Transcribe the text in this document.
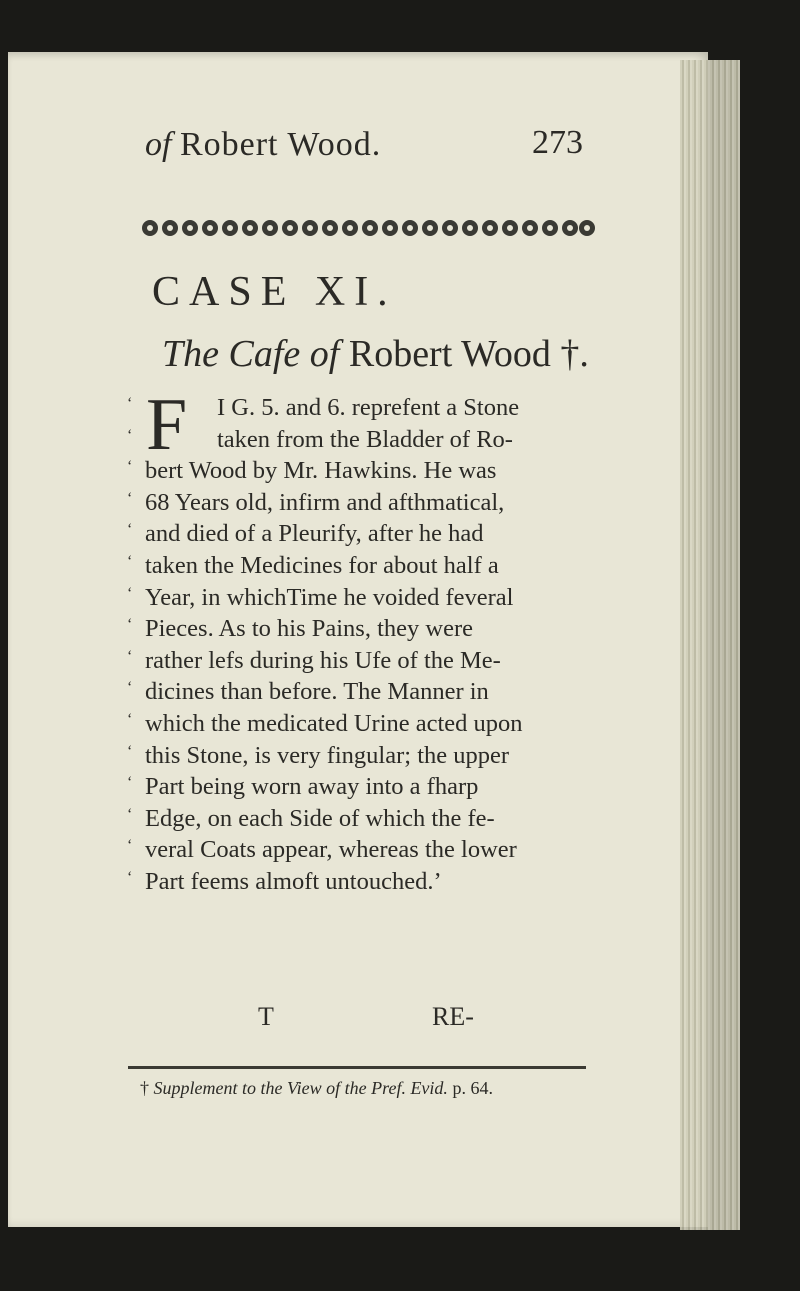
of Robert Wood.	273
CASE XI.
The Cafe of Robert Wood †.
F
‘	I G. 5. and 6. reprefent a Stone
‘	taken from the Bladder of Ro-
‘ bert Wood by Mr. Hawkins. He was
‘ 68 Years old, infirm and afthmatical,
‘ and died of a Pleurify, after he had
‘ taken the Medicines for about half a
‘ Year, in whichTime he voided feveral
‘ Pieces. As to his Pains, they were
‘ rather lefs during his Ufe of the Me-
‘ dicines than before. The Manner in
‘ which the medicated Urine acted upon
‘ this Stone, is very fingular; the upper
‘ Part being worn away into a fharp
‘ Edge, on each Side of which the fe-
‘ veral Coats appear, whereas the lower
‘ Part feems almoft untouched.’
T	RE-
† Supplement to the View of the Pref. Evid. p. 64.
